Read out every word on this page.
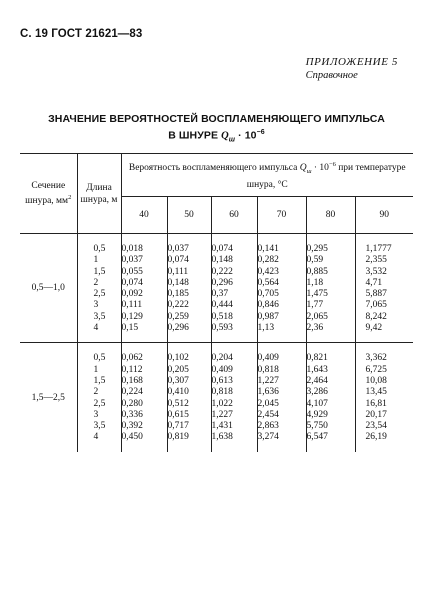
С. 19 ГОСТ 21621—83
ПРИЛОЖЕНИЕ 5
Справочное
ЗНАЧЕНИЕ ВЕРОЯТНОСТЕЙ ВОСПЛАМЕНЯЮЩЕГО ИМПУЛЬСА
В ШНУРЕ $Q_ш \cdot 10^{-6}$
Сечение шнура, $мм^2$	Длина шнура, м	Вероятность воспламеняющего импульса $Q_ш \cdot 10^{-6}$ при температуре шнура, °С					
		40	50	60	70	80	90
0,5—1,0	0,5	0,018	0,037	0,074	0,141	0,295	1,1777
	1	0,037	0,074	0,148	0,282	0,59	2,355
	1,5	0,055	0,111	0,222	0,423	0,885	3,532
	2	0,074	0,148	0,296	0,564	1,18	4,71
	2,5	0,092	0,185	0,37	0,705	1,475	5,887
	3	0,111	0,222	0,444	0,846	1,77	7,065
	3,5	0,129	0,259	0,518	0,987	2,065	8,242
	4	0,15	0,296	0,593	1,13	2,36	9,42
1,5—2,5	0,5	0,062	0,102	0,204	0,409	0,821	3,362
	1	0,112	0,205	0,409	0,818	1,643	6,725
	1,5	0,168	0,307	0,613	1,227	2,464	10,08
	2	0,224	0,410	0,818	1,636	3,286	13,45
	2,5	0,280	0,512	1,022	2,045	4,107	16,81
	3	0,336	0,615	1,227	2,454	4,929	20,17
	3,5	0,392	0,717	1,431	2,863	5,750	23,54
	4	0,450	0,819	1,638	3,274	6,547	26,19
